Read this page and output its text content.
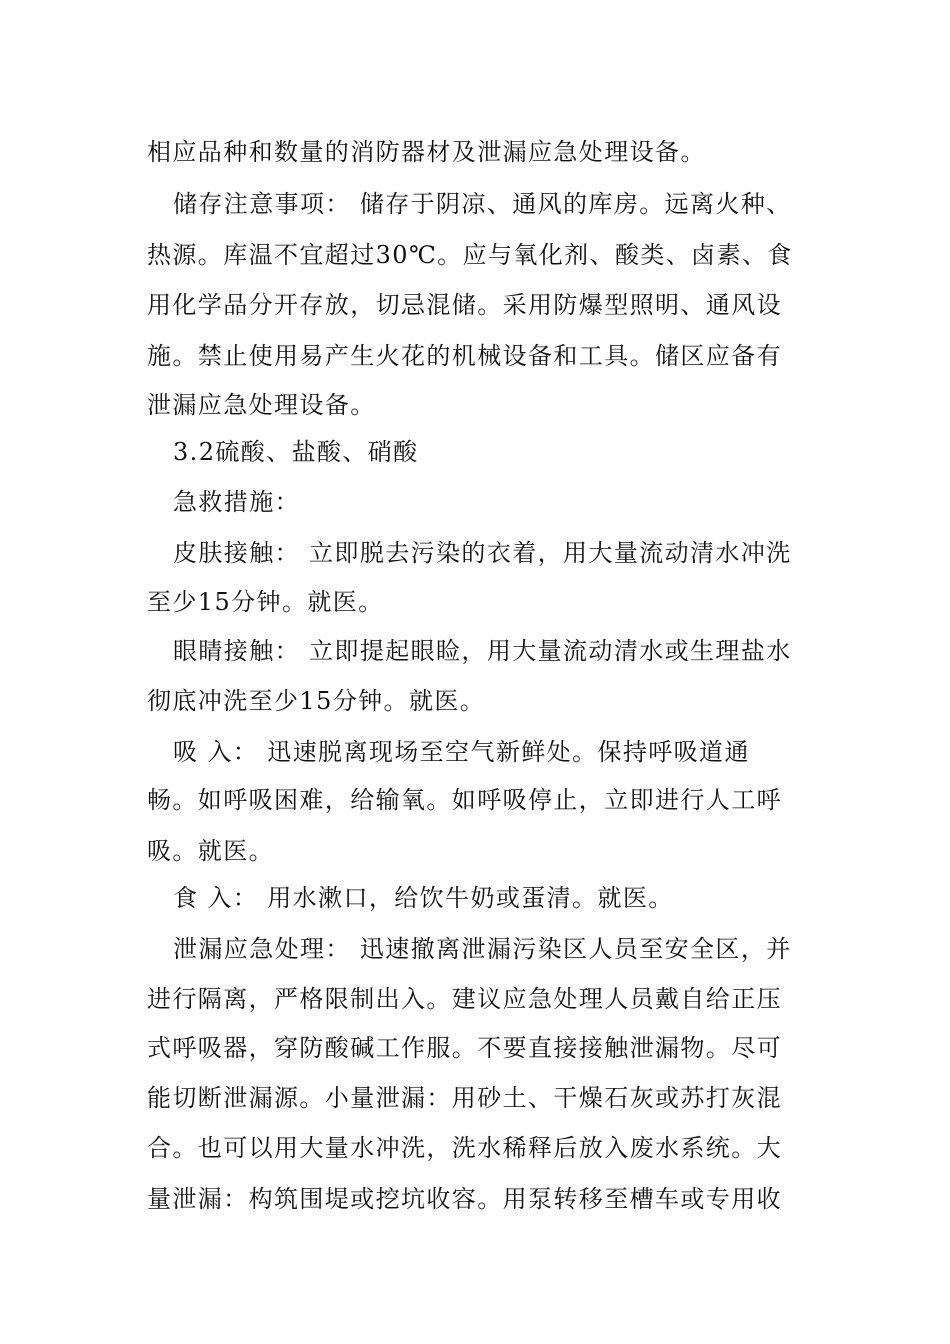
相应品种和数量的消防器材及泄漏应急处理设备。
储存注意事项： 储存于阴凉、通风的库房。远离火种、
热源。库温不宜超过30℃。应与氧化剂、酸类、卤素、食
用化学品分开存放，切忌混储。采用防爆型照明、通风设
施。禁止使用易产生火花的机械设备和工具。储区应备有
泄漏应急处理设备。
3.2硫酸、盐酸、硝酸
急救措施：
皮肤接触： 立即脱去污染的衣着，用大量流动清水冲洗
至少15分钟。就医。
眼睛接触： 立即提起眼睑，用大量流动清水或生理盐水
彻底冲洗至少15分钟。就医。
吸 入： 迅速脱离现场至空气新鲜处。保持呼吸道通
畅。如呼吸困难，给输氧。如呼吸停止，立即进行人工呼
吸。就医。
食 入： 用水漱口，给饮牛奶或蛋清。就医。
泄漏应急处理： 迅速撤离泄漏污染区人员至安全区，并
进行隔离，严格限制出入。建议应急处理人员戴自给正压
式呼吸器，穿防酸碱工作服。不要直接接触泄漏物。尽可
能切断泄漏源。小量泄漏：用砂土、干燥石灰或苏打灰混
合。也可以用大量水冲洗，洗水稀释后放入废水系统。大
量泄漏：构筑围堤或挖坑收容。用泵转移至槽车或专用收
